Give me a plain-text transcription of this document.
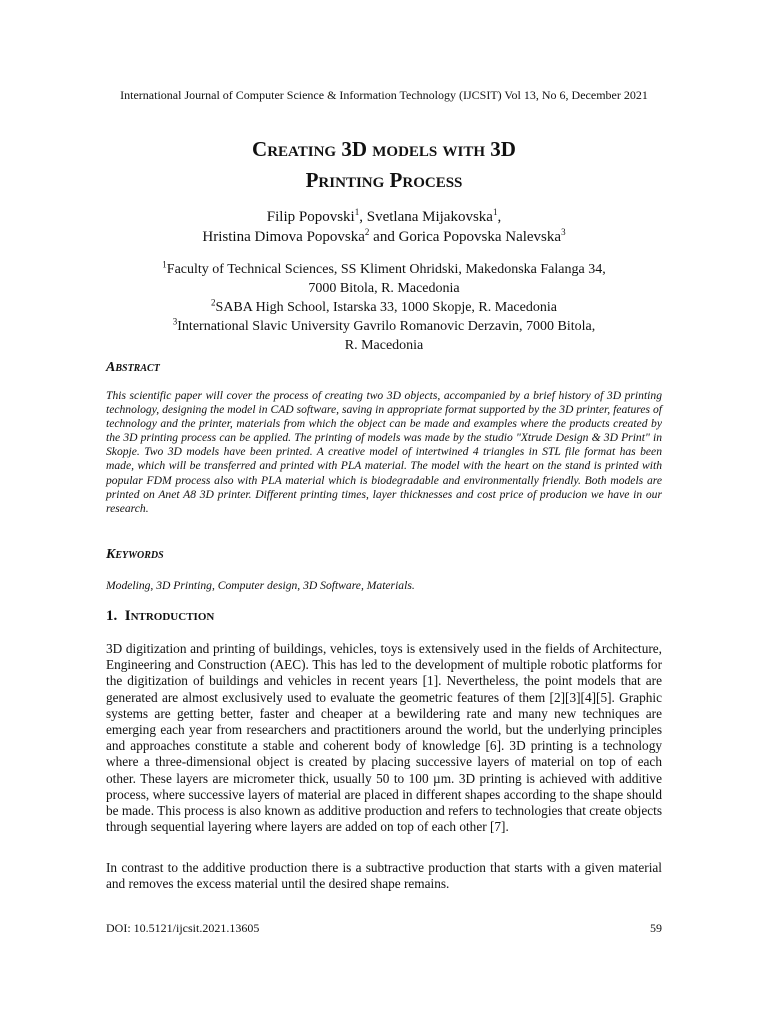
International Journal of Computer Science & Information Technology (IJCSIT) Vol 13, No 6, December 2021
Creating 3D models with 3D
Printing Process
Filip Popovski$^1$, Svetlana Mijakovska$^1$,
Hristina Dimova Popovska$^2$ and Gorica Popovska Nalevska$^3$
$^1$Faculty of Technical Sciences, SS Kliment Ohridski, Makedonska Falanga 34,
7000 Bitola, R. Macedonia
$^2$SABA High School, Istarska 33, 1000 Skopje, R. Macedonia
$^3$International Slavic University Gavrilo Romanovic Derzavin, 7000 Bitola,
R. Macedonia
Abstract

This scientific paper will cover the process of creating two 3D objects, accompanied by a brief history of 3D printing technology, designing the model in CAD software, saving in appropriate format supported by the 3D printer, features of technology and the printer, materials from which the object can be made and examples where the products created by the 3D printing process can be applied. The printing of models was made by the studio "Xtrude Design & 3D Print" in Skopje. Two 3D models have been printed. A creative model of intertwined 4 triangles in STL file format has been made, which will be transferred and printed with PLA material. The model with the heart on the stand is printed with popular FDM process also with PLA material which is biodegradable and environmentally friendly. Both models are printed on Anet A8 3D printer. Different printing times, layer thicknesses and cost price of producion we have in our research.

Keywords

Modeling, 3D Printing, Computer design, 3D Software, Materials.

1.  Introduction

3D digitization and printing of buildings, vehicles, toys is extensively used in the fields of Architecture, Engineering and Construction (AEC). This has led to the development of multiple robotic platforms for the digitization of buildings and vehicles in recent years [1]. Nevertheless, the point models that are generated are almost exclusively used to evaluate the geometric features of them [2][3][4][5]. Graphic systems are getting better, faster and cheaper at a bewildering rate and many new techniques are emerging each year from researchers and practitioners around the world, but the underlying principles and approaches constitute a stable and coherent body of knowledge [6]. 3D printing is a technology where a three-dimensional object is created by placing successive layers of material on top of each other. These layers are micrometer thick, usually 50 to 100 µm. 3D printing is achieved with additive process, where successive layers of material are placed in different shapes according to the shape should be made. This process is also known as additive production and refers to technologies that create objects through sequential layering where layers are added on top of each other [7].

In contrast to the additive production there is a subtractive production that starts with a given material and removes the excess material until the desired shape remains.

DOI: 10.5121/ijcsit.2021.13605	59
